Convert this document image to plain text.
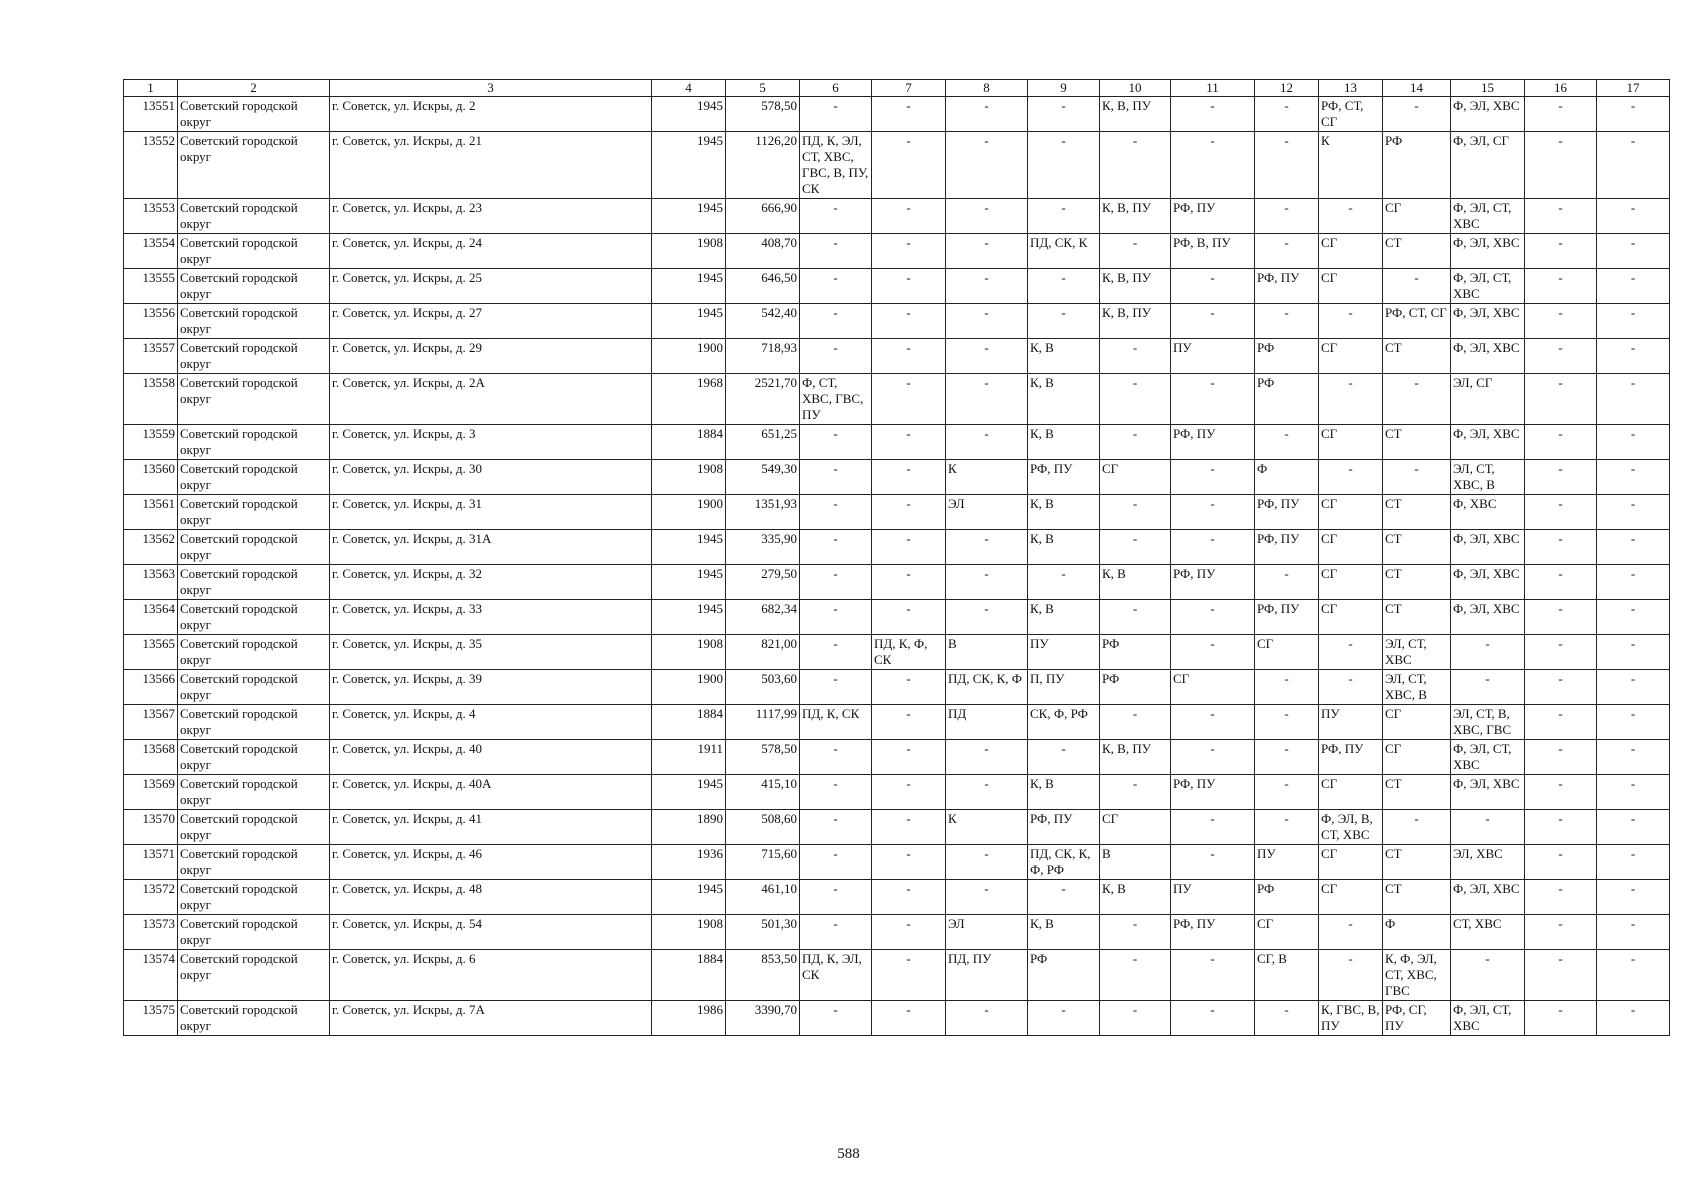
1	2	3	4	5	6	7	8	9	10	11	12	13	14	15	16	17
13551	Советский городской округ	г. Советск, ул. Искры, д. 2	1945	578,50	-	-	-	-	К, В, ПУ	-	-	РФ, СТ, СГ	-	Ф, ЭЛ, ХВС	-	-
13552	Советский городской округ	г. Советск, ул. Искры, д. 21	1945	1126,20	ПД, К, ЭЛ, СТ, ХВС, ГВС, В, ПУ, СК	-	-	-	-	-	-	К	РФ	Ф, ЭЛ, СГ	-	-
13553	Советский городской округ	г. Советск, ул. Искры, д. 23	1945	666,90	-	-	-	-	К, В, ПУ	РФ, ПУ	-	-	СГ	Ф, ЭЛ, СТ, ХВС	-	-
13554	Советский городской округ	г. Советск, ул. Искры, д. 24	1908	408,70	-	-	-	ПД, СК, К	-	РФ, В, ПУ	-	СГ	СТ	Ф, ЭЛ, ХВС	-	-
13555	Советский городской округ	г. Советск, ул. Искры, д. 25	1945	646,50	-	-	-	-	К, В, ПУ	-	РФ, ПУ	СГ	-	Ф, ЭЛ, СТ, ХВС	-	-
13556	Советский городской округ	г. Советск, ул. Искры, д. 27	1945	542,40	-	-	-	-	К, В, ПУ	-	-	-	РФ, СТ, СГ	Ф, ЭЛ, ХВС	-	-
13557	Советский городской округ	г. Советск, ул. Искры, д. 29	1900	718,93	-	-	-	К, В	-	ПУ	РФ	СГ	СТ	Ф, ЭЛ, ХВС	-	-
13558	Советский городской округ	г. Советск, ул. Искры, д. 2А	1968	2521,70	Ф, СТ, ХВС, ГВС, ПУ	-	-	К, В	-	-	РФ	-	-	ЭЛ, СГ	-	-
13559	Советский городской округ	г. Советск, ул. Искры, д. 3	1884	651,25	-	-	-	К, В	-	РФ, ПУ	-	СГ	СТ	Ф, ЭЛ, ХВС	-	-
13560	Советский городской округ	г. Советск, ул. Искры, д. 30	1908	549,30	-	-	К	РФ, ПУ	СГ	-	Ф	-	-	ЭЛ, СТ, ХВС, В	-	-
13561	Советский городской округ	г. Советск, ул. Искры, д. 31	1900	1351,93	-	-	ЭЛ	К, В	-	-	РФ, ПУ	СГ	СТ	Ф, ХВС	-	-
13562	Советский городской округ	г. Советск, ул. Искры, д. 31А	1945	335,90	-	-	-	К, В	-	-	РФ, ПУ	СГ	СТ	Ф, ЭЛ, ХВС	-	-
13563	Советский городской округ	г. Советск, ул. Искры, д. 32	1945	279,50	-	-	-	-	К, В	РФ, ПУ	-	СГ	СТ	Ф, ЭЛ, ХВС	-	-
13564	Советский городской округ	г. Советск, ул. Искры, д. 33	1945	682,34	-	-	-	К, В	-	-	РФ, ПУ	СГ	СТ	Ф, ЭЛ, ХВС	-	-
13565	Советский городской округ	г. Советск, ул. Искры, д. 35	1908	821,00	-	ПД, К, Ф, СК	В	ПУ	РФ	-	СГ	-	ЭЛ, СТ, ХВС	-	-	-
13566	Советский городской округ	г. Советск, ул. Искры, д. 39	1900	503,60	-	-	ПД, СК, К, Ф	П, ПУ	РФ	СГ	-	-	ЭЛ, СТ, ХВС, В	-	-	-
13567	Советский городской округ	г. Советск, ул. Искры, д. 4	1884	1117,99	ПД, К, СК	-	ПД	СК, Ф, РФ	-	-	-	ПУ	СГ	ЭЛ, СТ, В, ХВС, ГВС	-	-
13568	Советский городской округ	г. Советск, ул. Искры, д. 40	1911	578,50	-	-	-	-	К, В, ПУ	-	-	РФ, ПУ	СГ	Ф, ЭЛ, СТ, ХВС	-	-
13569	Советский городской округ	г. Советск, ул. Искры, д. 40А	1945	415,10	-	-	-	К, В	-	РФ, ПУ	-	СГ	СТ	Ф, ЭЛ, ХВС	-	-
13570	Советский городской округ	г. Советск, ул. Искры, д. 41	1890	508,60	-	-	К	РФ, ПУ	СГ	-	-	Ф, ЭЛ, В, СТ, ХВС	-	-	-	-
13571	Советский городской округ	г. Советск, ул. Искры, д. 46	1936	715,60	-	-	-	ПД, СК, К, Ф, РФ	В	-	ПУ	СГ	СТ	ЭЛ, ХВС	-	-
13572	Советский городской округ	г. Советск, ул. Искры, д. 48	1945	461,10	-	-	-	-	К, В	ПУ	РФ	СГ	СТ	Ф, ЭЛ, ХВС	-	-
13573	Советский городской округ	г. Советск, ул. Искры, д. 54	1908	501,30	-	-	ЭЛ	К, В	-	РФ, ПУ	СГ	-	Ф	СТ, ХВС	-	-
13574	Советский городской округ	г. Советск, ул. Искры, д. 6	1884	853,50	ПД, К, ЭЛ, СК	-	ПД, ПУ	РФ	-	-	СГ, В	-	К, Ф, ЭЛ, СТ, ХВС, ГВС	-	-	-
13575	Советский городской округ	г. Советск, ул. Искры, д. 7А	1986	3390,70	-	-	-	-	-	-	-	К, ГВС, В, ПУ	РФ, СГ, ПУ	Ф, ЭЛ, СТ, ХВС	-	-
588
